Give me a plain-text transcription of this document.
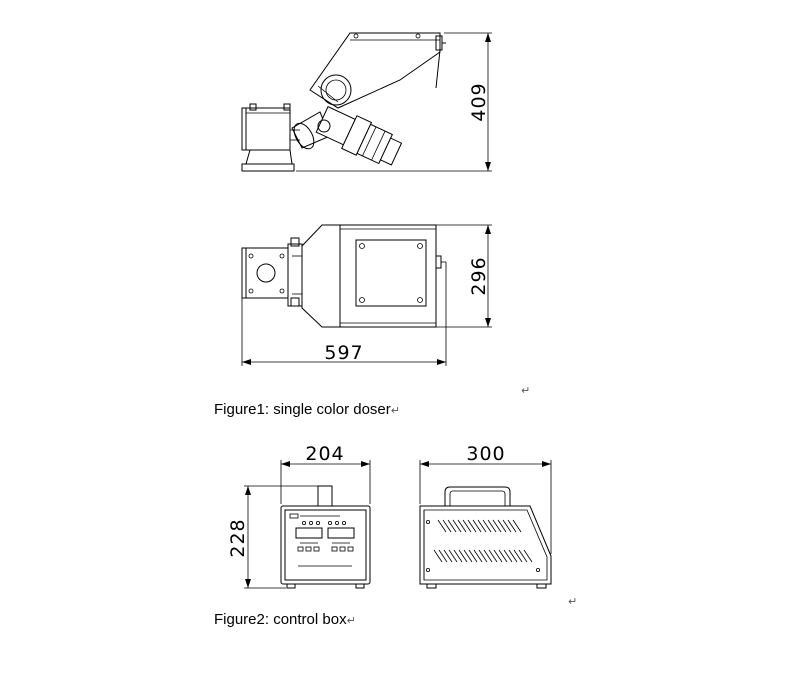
409
296
597
204
228
300
↵
Figure1: single color doser↵
↵
Figure2: control box↵
